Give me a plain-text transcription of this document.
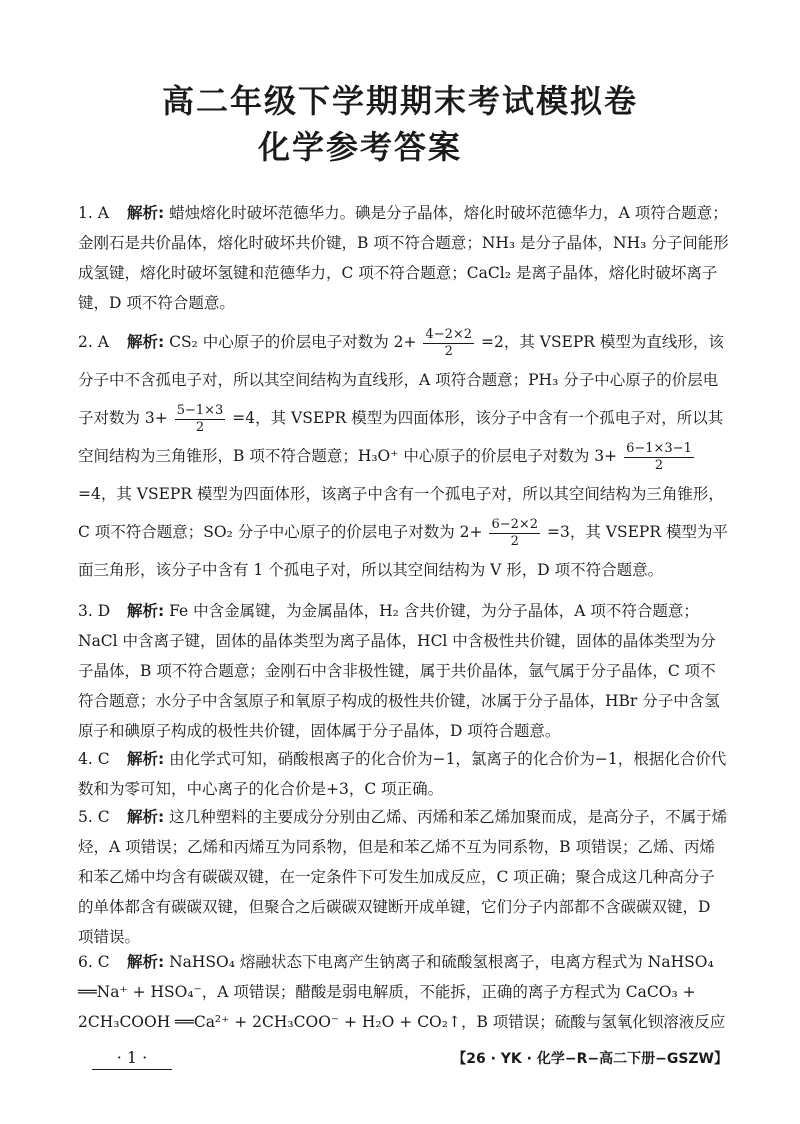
高二年级下学期期末考试模拟卷
化学参考答案
1. A 解析: 蜡烛熔化时破坏范德华力。碘是分子晶体，熔化时破坏范德华力，A 项符合题意；金刚石是共价晶体，熔化时破坏共价键，B 项不符合题意；NH₃ 是分子晶体，NH₃ 分子间能形成氢键，熔化时破坏氢键和范德华力，C 项不符合题意；CaCl₂ 是离子晶体，熔化时破坏离子键，D 项不符合题意。
2. A 解析: CS₂ 中心原子的价层电子对数为 $2+ \frac{4-2\times 2}{2} =2$，其 VSEPR 模型为直线形，该分子中不含孤电子对，所以其空间结构为直线形，A 项符合题意；PH₃ 分子中心原子的价层电子对数为 $3+ \frac{5-1\times 3}{2} =4$，其 VSEPR 模型为四面体形，该分子中含有一个孤电子对，所以其空间结构为三角锥形，B 项不符合题意；H₃O⁺ 中心原子的价层电子对数为 $3+ \frac{6-1\times 3-1}{2}$
=4，其 VSEPR 模型为四面体形，该离子中含有一个孤电子对，所以其空间结构为三角锥形，C 项不符合题意；SO₂ 分子中心原子的价层电子对数为 $2+ \frac{6-2\times 2}{2} =3$，其 VSEPR 模型为平面三角形，该分子中含有 1 个孤电子对，所以其空间结构为 V 形，D 项不符合题意。
3. D 解析: Fe 中含金属键，为金属晶体，H₂ 含共价键，为分子晶体，A 项不符合题意；NaCl 中含离子键，固体的晶体类型为离子晶体，HCl 中含极性共价键，固体的晶体类型为分子晶体，B 项不符合题意；金刚石中含非极性键，属于共价晶体，氩气属于分子晶体，C 项不符合题意；水分子中含氢原子和氧原子构成的极性共价键，冰属于分子晶体，HBr 分子中含氢原子和碘原子构成的极性共价键，固体属于分子晶体，D 项符合题意。
4. C 解析: 由化学式可知，硝酸根离子的化合价为−1，氯离子的化合价为−1，根据化合价代数和为零可知，中心离子的化合价是+3，C 项正确。
5. C 解析: 这几种塑料的主要成分分别由乙烯、丙烯和苯乙烯加聚而成，是高分子，不属于烯烃，A 项错误；乙烯和丙烯互为同系物，但是和苯乙烯不互为同系物，B 项错误；乙烯、丙烯和苯乙烯中均含有碳碳双键，在一定条件下可发生加成反应，C 项正确；聚合成这几种高分子的单体都含有碳碳双键，但聚合之后碳碳双键断开成单键，它们分子内部都不含碳碳双键，D 项错误。
6. C 解析: NaHSO₄ 熔融状态下电离产生钠离子和硫酸氢根离子，电离方程式为 NaHSO₄ ══Na⁺ + HSO₄⁻，A 项错误；醋酸是弱电解质，不能拆，正确的离子方程式为 CaCO₃ + 2CH₃COOH ══Ca²⁺ + 2CH₃COO⁻ + H₂O + CO₂↑，B 项错误；硫酸与氢氧化钡溶液反应
· 1 ·	【26 · YK · 化学−R−高二下册−GSZW】
